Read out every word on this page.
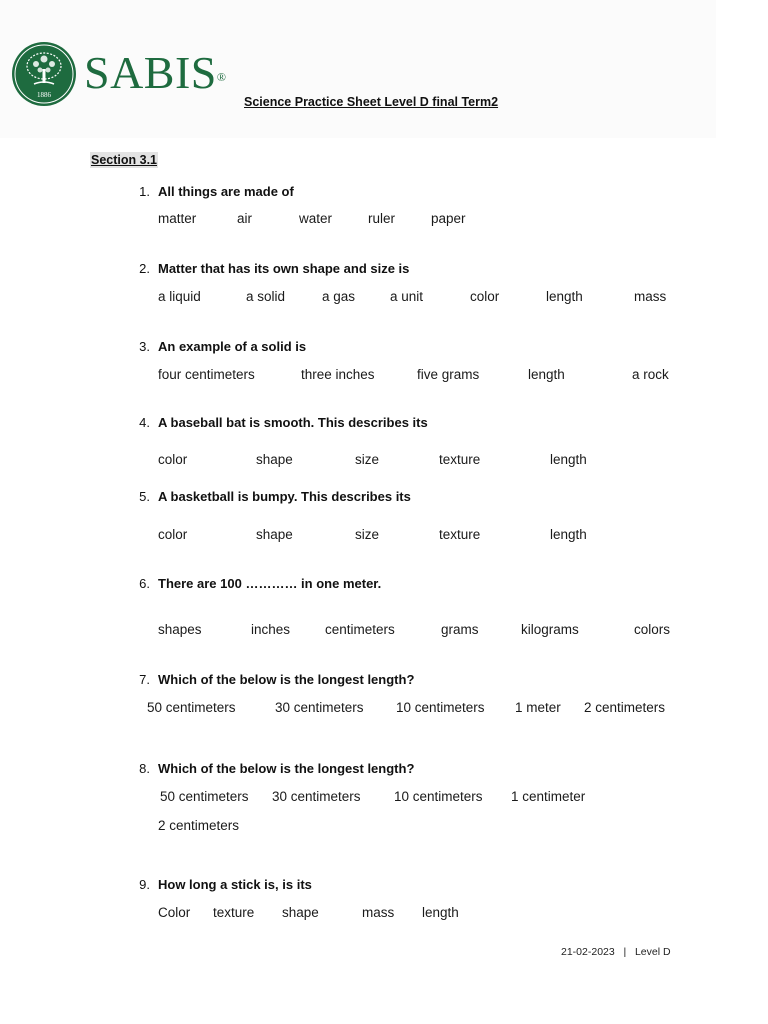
1886 SABIS®
Science Practice Sheet Level D final Term2
Section 3.1
1. All things are made of
matter	air	water	ruler	paper
2. Matter that has its own shape and size is
a liquid	a solid	a gas	a unit	color	length	mass
3. An example of a solid is
four centimeters	three inches	five grams	length	a rock
4. A baseball bat is smooth. This describes its
color	shape	size	texture	length
5. A basketball is bumpy. This describes its
color	shape	size	texture	length
6. There are 100 ………… in one meter.
shapes	inches	centimeters	grams	kilograms	colors
7. Which of the below is the longest length?
50 centimeters	30 centimeters 10 centimeters 1 meter 2 centimeters
8. Which of the below is the longest length?
50 centimeters 30 centimeters 10 centimeters 1 centimeter
2 centimeters
9. How long a stick is, is its
Color texture shape	mass length
21-02-2023   |   Level D
